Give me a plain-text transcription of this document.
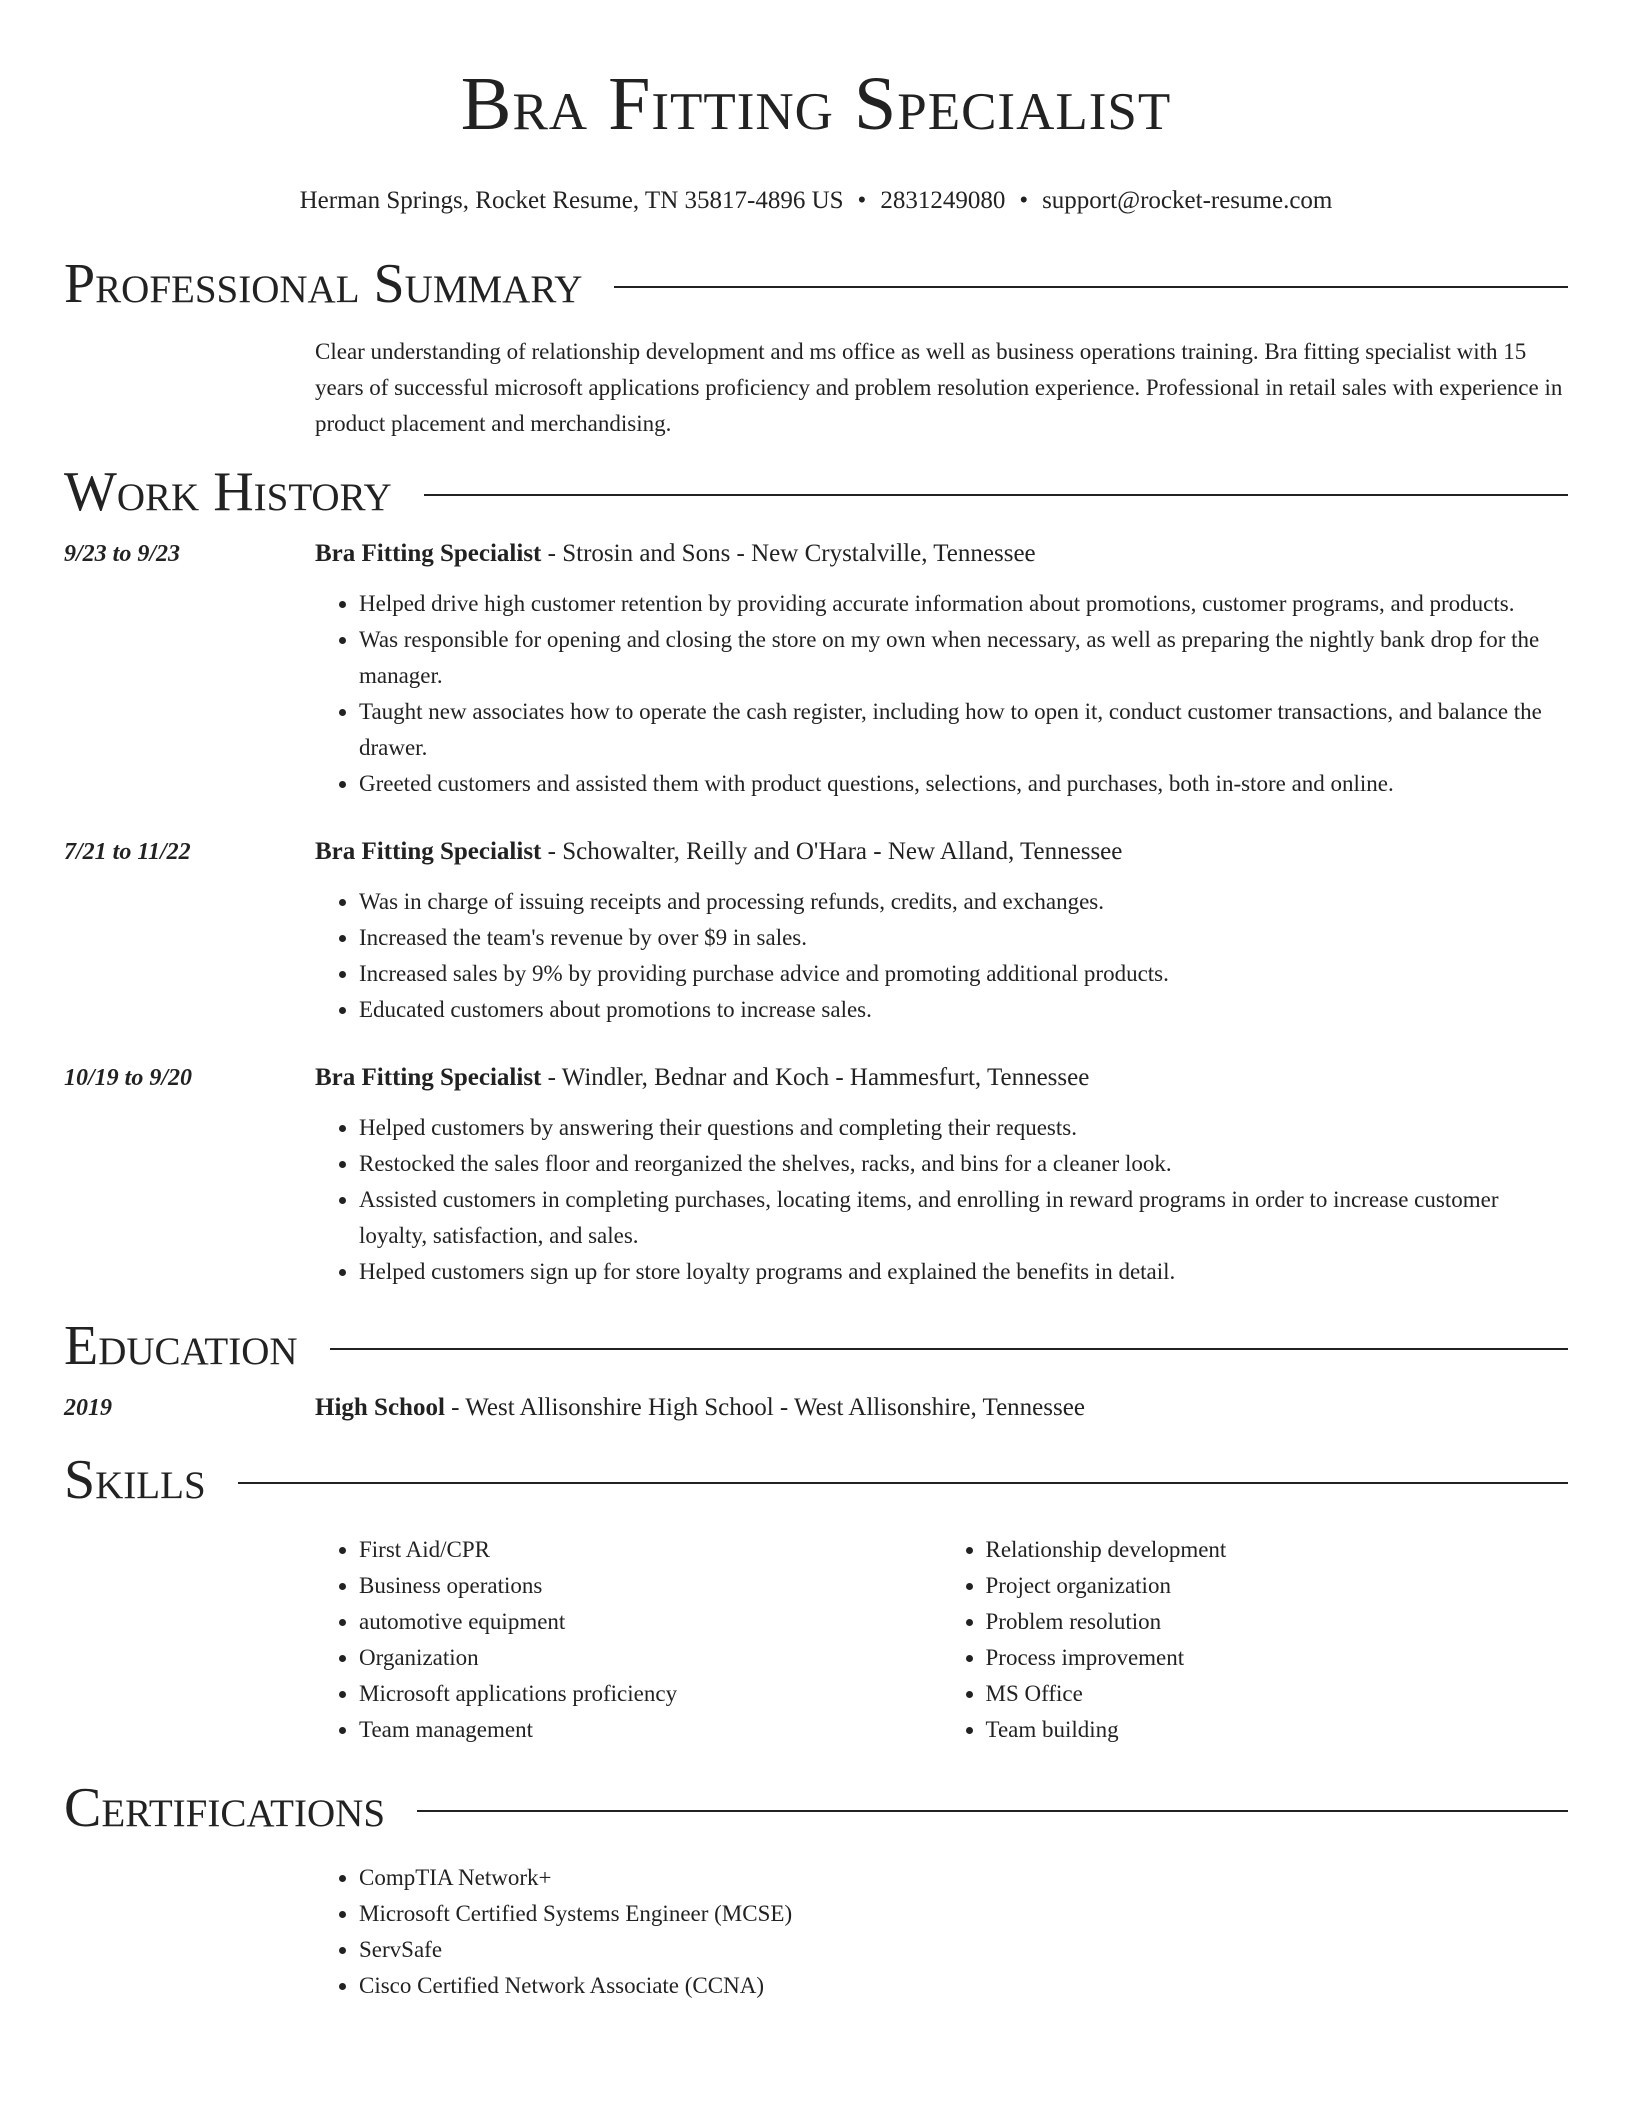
Bra Fitting Specialist
Herman Springs, Rocket Resume, TN 35817-4896 US • 2831249080 • support@rocket-resume.com
Professional Summary
Clear understanding of relationship development and ms office as well as business operations training. Bra fitting specialist with 15 years of successful microsoft applications proficiency and problem resolution experience. Professional in retail sales with experience in product placement and merchandising.
Work History
9/23 to 9/23	Bra Fitting Specialist - Strosin and Sons - New Crystalville, Tennessee
• Helped drive high customer retention by providing accurate information about promotions, customer programs, and products.
• Was responsible for opening and closing the store on my own when necessary, as well as preparing the nightly bank drop for the manager.
• Taught new associates how to operate the cash register, including how to open it, conduct customer transactions, and balance the drawer.
• Greeted customers and assisted them with product questions, selections, and purchases, both in-store and online.
7/21 to 11/22	Bra Fitting Specialist - Schowalter, Reilly and O'Hara - New Alland, Tennessee
• Was in charge of issuing receipts and processing refunds, credits, and exchanges.
• Increased the team's revenue by over $9 in sales.
• Increased sales by 9% by providing purchase advice and promoting additional products.
• Educated customers about promotions to increase sales.
10/19 to 9/20	Bra Fitting Specialist - Windler, Bednar and Koch - Hammesfurt, Tennessee
• Helped customers by answering their questions and completing their requests.
• Restocked the sales floor and reorganized the shelves, racks, and bins for a cleaner look.
• Assisted customers in completing purchases, locating items, and enrolling in reward programs in order to increase customer loyalty, satisfaction, and sales.
• Helped customers sign up for store loyalty programs and explained the benefits in detail.
Education
2019	High School - West Allisonshire High School - West Allisonshire, Tennessee
Skills
• First Aid/CPR
• Business operations
• automotive equipment
• Organization
• Microsoft applications proficiency
• Team management
• Relationship development
• Project organization
• Problem resolution
• Process improvement
• MS Office
• Team building
Certifications
• CompTIA Network+
• Microsoft Certified Systems Engineer (MCSE)
• ServSafe
• Cisco Certified Network Associate (CCNA)
